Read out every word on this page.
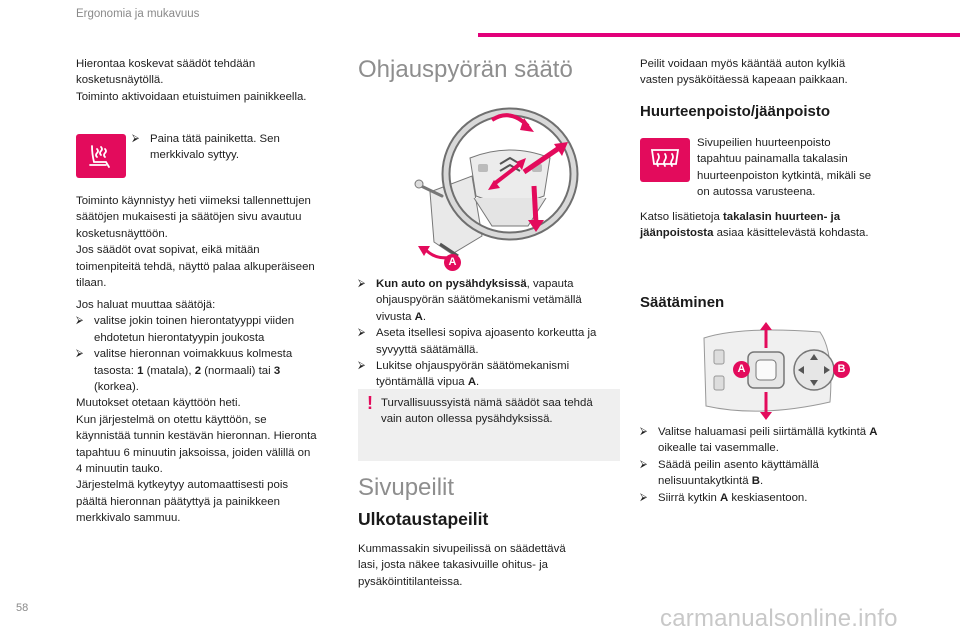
Ergonomia ja mukavuus
Hierontaa koskevat säädöt tehdään
kosketusnäytöllä.
Toiminto aktivoidaan etuistuimen painikkeella.
⮚ Paina tätä painiketta. Sen
merkkivalo syttyy.
Toiminto käynnistyy heti viimeksi tallennettujen
säätöjen mukaisesti ja säätöjen sivu avautuu
kosketusnäyttöön.
Jos säädöt ovat sopivat, eikä mitään
toimenpiteitä tehdä, näyttö palaa alkuperäiseen
tilaan.
Jos haluat muuttaa säätöjä:
⮚ valitse jokin toinen hierontatyyppi viiden
ehdotetun hierontatyypin joukosta
⮚ valitse hieronnan voimakkuus kolmesta
tasosta: 1 (matala), 2 (normaali) tai 3
(korkea).
Muutokset otetaan käyttöön heti.
Kun järjestelmä on otettu käyttöön, se
käynnistää tunnin kestävän hieronnan. Hieronta
tapahtuu 6 minuutin jaksoissa, joiden välillä on
4 minuutin tauko.
Järjestelmä kytkeytyy automaattisesti pois
päältä hieronnan päätyttyä ja painikkeen
merkkivalo sammuu.
Ohjauspyörän säätö
A
⮚ Kun auto on pysähdyksissä, vapauta
ohjauspyörän säätömekanismi vetämällä
vivusta A.
⮚ Aseta itsellesi sopiva ajoasento korkeutta ja
syvyyttä säätämällä.
⮚ Lukitse ohjauspyörän säätömekanismi
työntämällä vipua A.
! Turvallisuussyistä nämä säädöt saa tehdä
vain auton ollessa pysähdyksissä.
Sivupeilit
Ulkotaustapeilit
Kummassakin sivupeilissä on säädettävä
lasi, josta näkee takasivuille ohitus- ja
pysäköintitilanteissa.
Peilit voidaan myös kääntää auton kylkiä
vasten pysäköitäessä kapeaan paikkaan.
Huurteenpoisto/jäänpoisto
Sivupeilien huurteenpoisto
tapahtuu painamalla takalasin
huurteenpoiston kytkintä, mikäli se
on autossa varusteena.
Katso lisätietoja takalasin huurteen- ja
jäänpoistosta asiaa käsittelevästä kohdasta.
Säätäminen
A	B
⮚ Valitse haluamasi peili siirtämällä kytkintä A
oikealle tai vasemmalle.
⮚ Säädä peilin asento käyttämällä
nelisuuntakytkintä B.
⮚ Siirrä kytkin A keskiasentoon.
58	carmanualsonline.info
